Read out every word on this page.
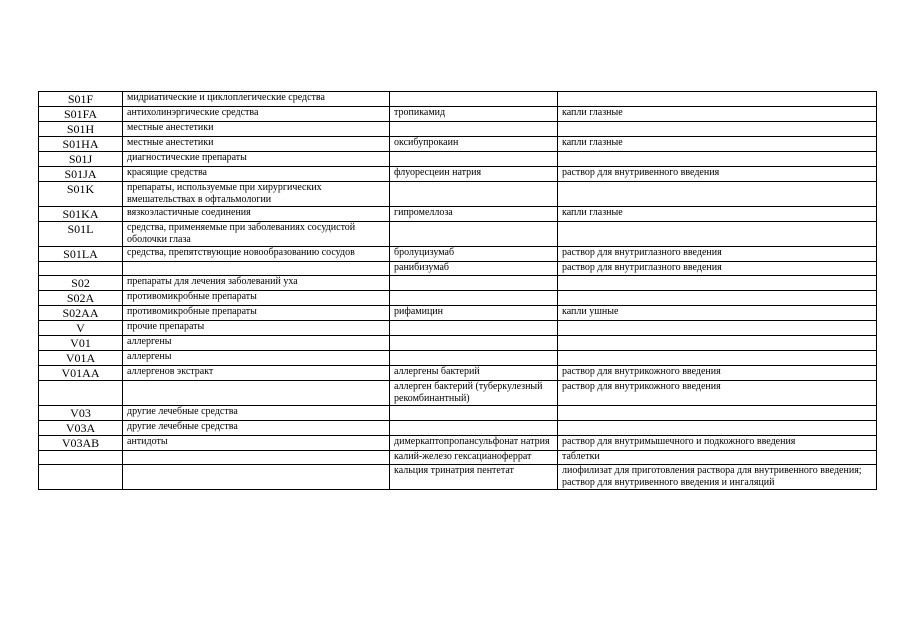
S01F	мидриатические и циклоплегические средства		
S01FA	антихолинэргические средства	тропикамид	капли глазные
S01H	местные анестетики		
S01HA	местные анестетики	оксибупрокаин	капли глазные
S01J	диагностические препараты		
S01JA	красящие средства	флуоресцеин натрия	раствор для внутривенного введения
S01K	препараты, используемые при хирургических вмешательствах в офтальмологии		
S01KA	вязкоэластичные соединения	гипромеллоза	капли глазные
S01L	средства, применяемые при заболеваниях сосудистой оболочки глаза		
S01LA	средства, препятствующие новообразованию сосудов	бролуцизумаб	раствор для внутриглазного введения
		ранибизумаб	раствор для внутриглазного введения
S02	препараты для лечения заболеваний уха		
S02A	противомикробные препараты		
S02AA	противомикробные препараты	рифамицин	капли ушные
V	прочие препараты		
V01	аллергены		
V01A	аллергены		
V01AA	аллергенов экстракт	аллергены бактерий	раствор для внутрикожного введения
		аллерген бактерий (туберкулезный рекомбинантный)	раствор для внутрикожного введения
V03	другие лечебные средства		
V03A	другие лечебные средства		
V03AB	антидоты	димеркаптопропансульфонат натрия	раствор для внутримышечного и подкожного введения
		калий-железо гексацианоферрат	таблетки
		кальция тринатрия пентетат	лиофилизат для приготовления раствора для внутривенного введения;
раствор для внутривенного введения и ингаляций
